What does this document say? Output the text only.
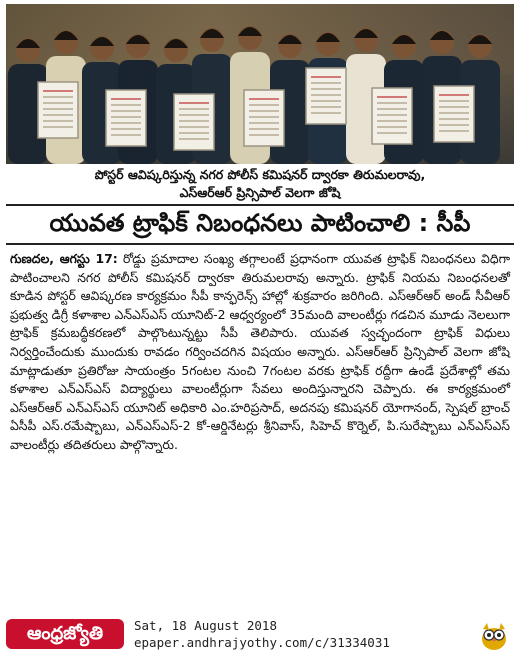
పోస్టర్ ఆవిష్కరిస్తున్న నగర పోలీస్ కమిషనర్ ద్వారకా తిరుమలరావు,
ఎస్ఆర్ఆర్ ప్రిన్సిపాల్ వెలగా జోషి
యువత ట్రాఫిక్ నిబంధనలు పాటించాలి : సీపీ
గుణదల, ఆగస్టు 17: రోడ్డు ప్రమాదాల సంఖ్య తగ్గాలంటే ప్రధానంగా యువత ట్రాఫిక్ నిబంధనలు విధిగా పాటించాలని నగర పోలీస్ కమిషనర్ ద్వారకా తిరుమలరావు అన్నారు. ట్రాఫిక్ నియమ నిబంధనలతో కూడిన పోస్టర్ ఆవిష్కరణ కార్యక్రమం సీపీ కాన్ఫరెన్స్ హాల్లో శుక్రవారం జరిగింది. ఎస్ఆర్ఆర్ అండ్ సీవీఆర్ ప్రభుత్వ డిగ్రీ కళాశాల ఎన్ఎస్ఎస్ యూనిట్-2 ఆధ్వర్యంలో 35మంది వాలంటీర్లు గడచిన మూడు నెలలుగా ట్రాఫిక్ క్రమబద్ధీకరణలో పాల్గొంటున్నట్టు సీపీ తెలిపారు. యువత స్వచ్ఛందంగా ట్రాఫిక్ విధులు నిర్వర్తించేందుకు ముందుకు రావడం గర్వించదగిన విషయం అన్నారు. ఎస్ఆర్ఆర్ ప్రిన్సిపాల్ వెలగా జోషి మాట్లాడుతూ ప్రతిరోజు సాయంత్రం 5గంటల నుంచి 7గంటల వరకు ట్రాఫిక్ రద్దీగా ఉండే ప్రదేశాల్లో తమ కళాశాల ఎన్ఎస్ఎస్ విద్యార్థులు వాలంటీర్లుగా సేవలు అందిస్తున్నారని చెప్పారు. ఈ కార్యక్రమంలో ఎస్ఆర్ఆర్ ఎన్ఎస్ఎస్ యూనిట్ అధికారి ఎం.హరిప్రసాద్, అదనపు కమిషనర్ యోగానంద్, స్పెషల్ బ్రాంచ్ ఏసీపీ ఎస్.రమేష్బాబు, ఎన్ఎస్ఎస్-2 కో-ఆర్డినేటర్లు శ్రీనివాస్, సిహెచ్ కొర్నెల్, పి.సురేష్బాబు ఎన్ఎస్ఎస్ వాలంటీర్లు తదితరులు పాల్గొన్నారు.
ఆంధ్రజ్యోతి	Sat, 18 August 2018
epaper.andhrajyothy.com/c/31334031
